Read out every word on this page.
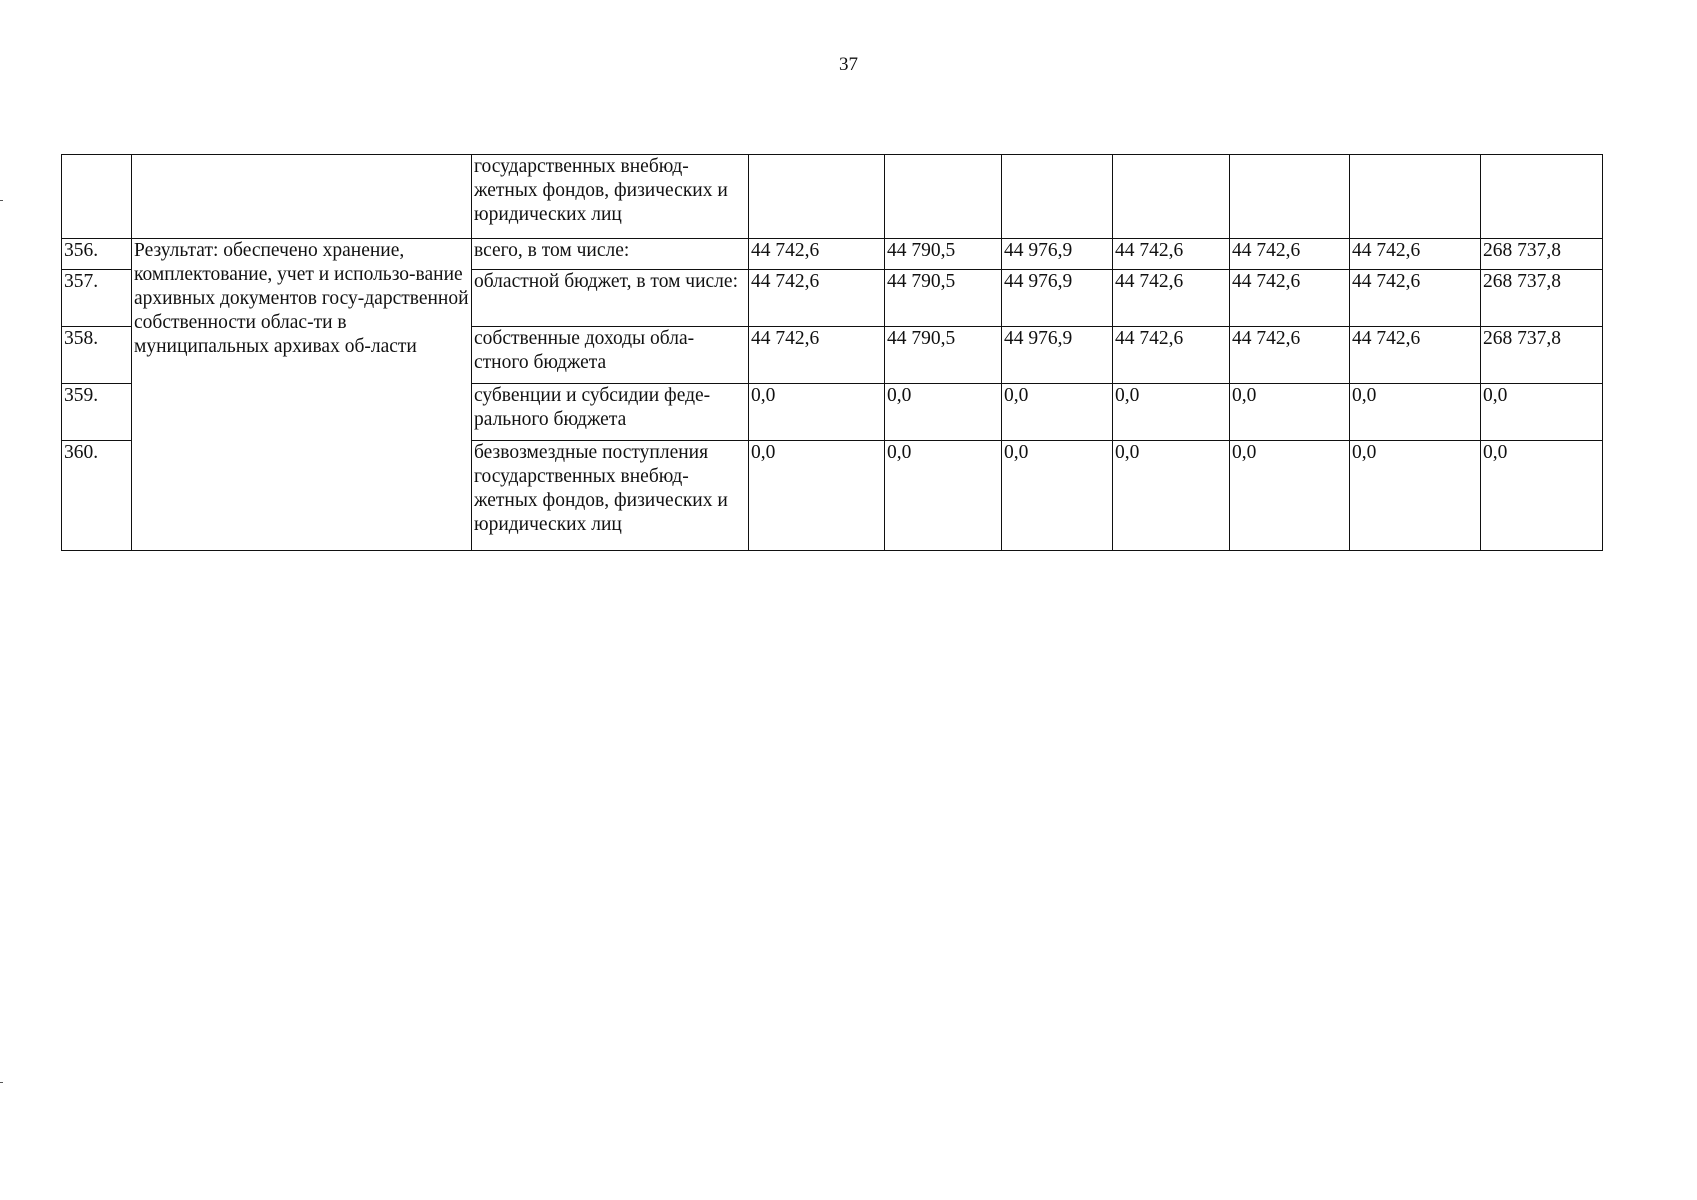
37
		государственных внебюд-жетных фондов, физических и юридических лиц							
356.	Результат: обеспечено хранение, комплектование, учет и использо-вание архивных документов госу-дарственной собственности облас-ти в муниципальных архивах об-ласти	всего, в том числе:	44 742,6	44 790,5	44 976,9	44 742,6	44 742,6	44 742,6	268 737,8
357.		областной бюджет, в том числе:	44 742,6	44 790,5	44 976,9	44 742,6	44 742,6	44 742,6	268 737,8
358.		собственные доходы обла-стного бюджета	44 742,6	44 790,5	44 976,9	44 742,6	44 742,6	44 742,6	268 737,8
359.		субвенции и субсидии феде-рального бюджета	0,0	0,0	0,0	0,0	0,0	0,0	0,0
360.		безвозмездные поступления государственных внебюд-жетных фондов, физических и юридических лиц	0,0	0,0	0,0	0,0	0,0	0,0	0,0
